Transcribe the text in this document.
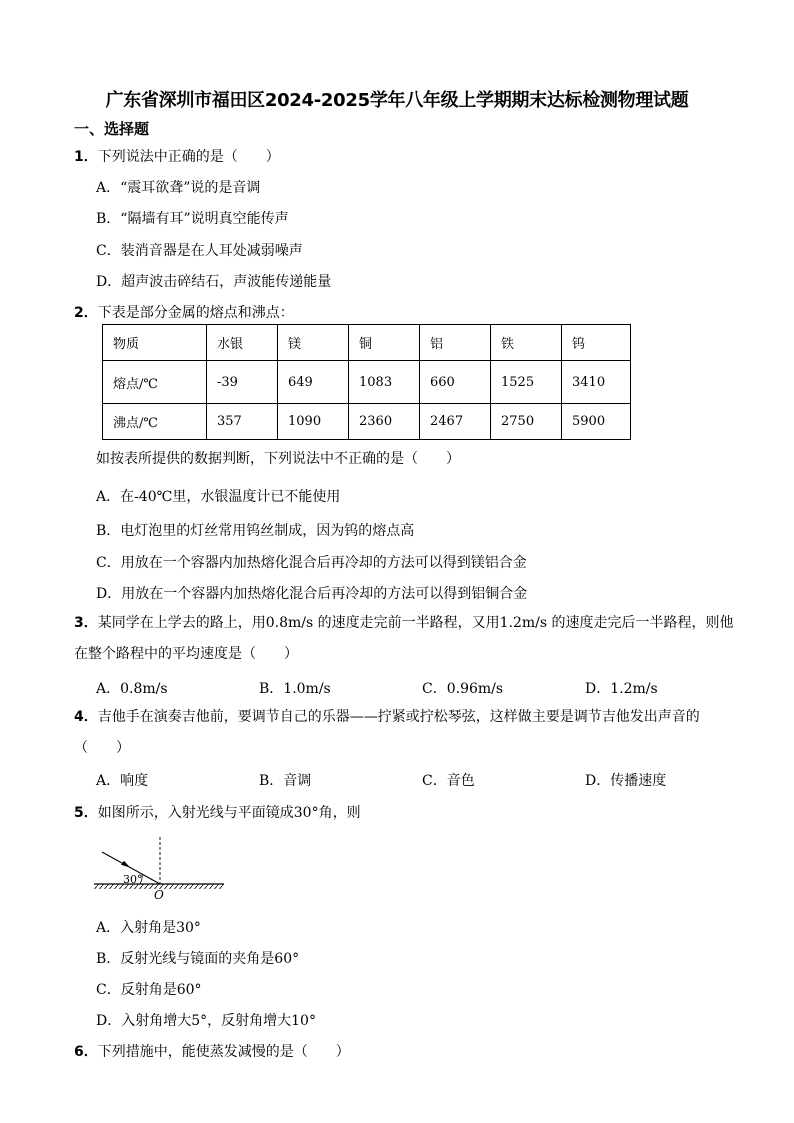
广东省深圳市福田区2024-2025学年八年级上学期期末达标检测物理试题
一、选择题
1．下列说法中正确的是（　　）
A．“震耳欲聋”说的是音调
B．“隔墙有耳”说明真空能传声
C．装消音器是在人耳处减弱噪声
D．超声波击碎结石，声波能传递能量
2．下表是部分金属的熔点和沸点：
物质	水银	镁	铜	铝	铁	钨
熔点/℃	-39	649	1083	660	1525	3410
沸点/℃	357	1090	2360	2467	2750	5900
如按表所提供的数据判断，下列说法中不正确的是（　　）
A．在-40℃里，水银温度计已不能使用
B．电灯泡里的灯丝常用钨丝制成，因为钨的熔点高
C．用放在一个容器内加热熔化混合后再冷却的方法可以得到镁铝合金
D．用放在一个容器内加热熔化混合后再冷却的方法可以得到铝铜合金
3．某同学在上学去的路上，用0.8m/s 的速度走完前一半路程，又用1.2m/s 的速度走完后一半路程，则他在整个路程中的平均速度是（　　）
A．0.8m/s	B．1.0m/s	C．0.96m/s	D．1.2m/s
4．吉他手在演奏吉他前，要调节自己的乐器——拧紧或拧松琴弦，这样做主要是调节吉他发出声音的（　　）
A．响度	B．音调	C．音色	D．传播速度
5．如图所示，入射光线与平面镜成30°角，则
30°
O
A．入射角是30°
B．反射光线与镜面的夹角是60°
C．反射角是60°
D．入射角增大5°，反射角增大10°
6．下列措施中，能使蒸发减慢的是（　　）
